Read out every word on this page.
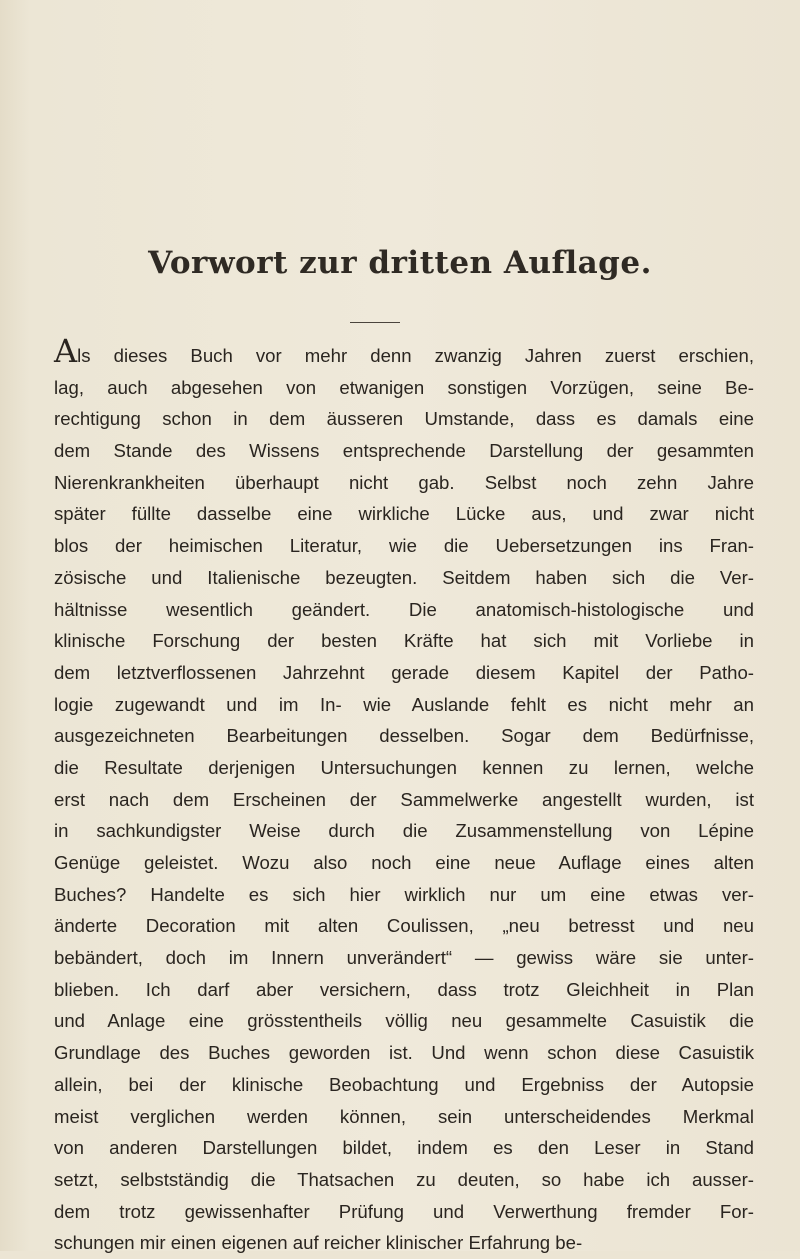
Vorwort zur dritten Auflage.
Als dieses Buch vor mehr denn zwanzig Jahren zuerst erschien,
lag, auch abgesehen von etwanigen sonstigen Vorzügen, seine Be-
rechtigung schon in dem äusseren Umstande, dass es damals eine
dem Stande des Wissens entsprechende Darstellung der gesammten
Nierenkrankheiten überhaupt nicht gab. Selbst noch zehn Jahre
später füllte dasselbe eine wirkliche Lücke aus, und zwar nicht
blos der heimischen Literatur, wie die Uebersetzungen ins Fran-
zösische und Italienische bezeugten. Seitdem haben sich die Ver-
hältnisse wesentlich geändert. Die anatomisch-histologische und
klinische Forschung der besten Kräfte hat sich mit Vorliebe in
dem letztverflossenen Jahrzehnt gerade diesem Kapitel der Patho-
logie zugewandt und im In- wie Auslande fehlt es nicht mehr an
ausgezeichneten Bearbeitungen desselben. Sogar dem Bedürfnisse,
die Resultate derjenigen Untersuchungen kennen zu lernen, welche
erst nach dem Erscheinen der Sammelwerke angestellt wurden, ist
in sachkundigster Weise durch die Zusammenstellung von Lépine
Genüge geleistet. Wozu also noch eine neue Auflage eines alten
Buches? Handelte es sich hier wirklich nur um eine etwas ver-
änderte Decoration mit alten Coulissen, „neu betresst und neu
bebändert, doch im Innern unverändert“ — gewiss wäre sie unter-
blieben. Ich darf aber versichern, dass trotz Gleichheit in Plan
und Anlage eine grösstentheils völlig neu gesammelte Casuistik die
Grundlage des Buches geworden ist. Und wenn schon diese Casuistik
allein, bei der klinische Beobachtung und Ergebniss der Autopsie
meist verglichen werden können, sein unterscheidendes Merkmal
von anderen Darstellungen bildet, indem es den Leser in Stand
setzt, selbstständig die Thatsachen zu deuten, so habe ich ausser-
dem trotz gewissenhafter Prüfung und Verwerthung fremder For-
schungen mir einen eigenen auf reicher klinischer Erfahrung be-
